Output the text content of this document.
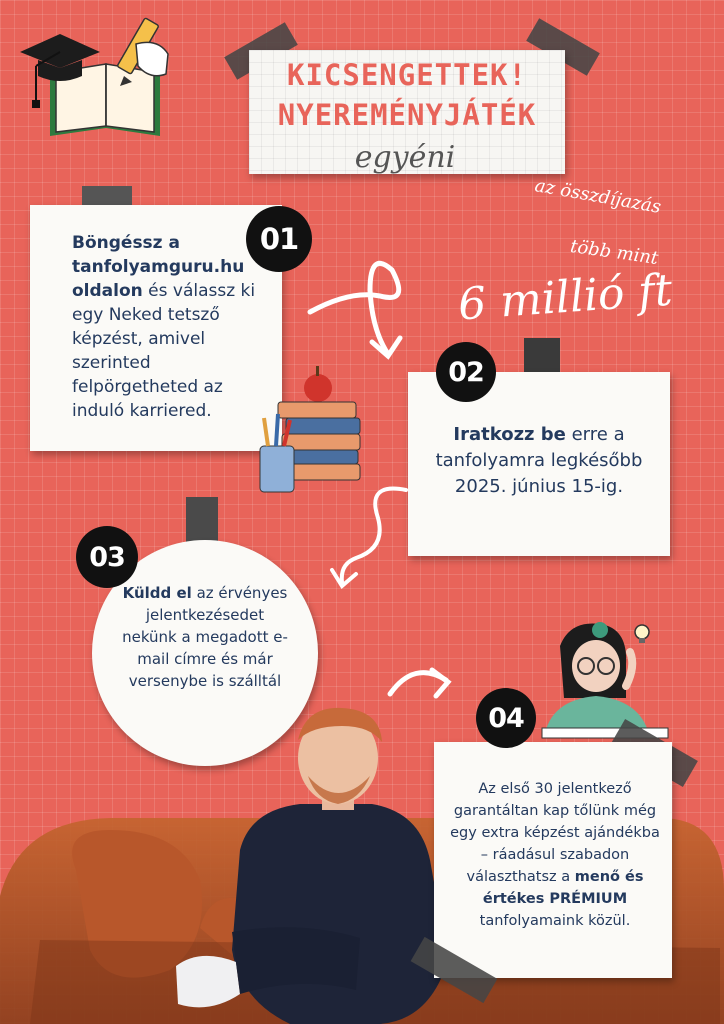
KICSENGETTEK!
NYEREMÉNYJÁTÉK
egyéni
az összdíjazás
több mint
6 millió ft
Böngéssz a tanfolyamguru.hu oldalon és válassz ki egy Neked tetsző képzést, amivel szerinted felpörgetheted az induló karriered.
01
Iratkozz be erre a tanfolyamra legkésőbb 2025. június 15-ig.
02
Küldd el az érvényes jelentkezésedet nekünk a megadott e-mail címre és már versenybe is szálltál
03
Az első 30 jelentkező garantáltan kap tőlünk még egy extra képzést ajándékba – ráadásul szabadon választhatsz a menő és értékes PRÉMIUM tanfolyamaink közül.
04
